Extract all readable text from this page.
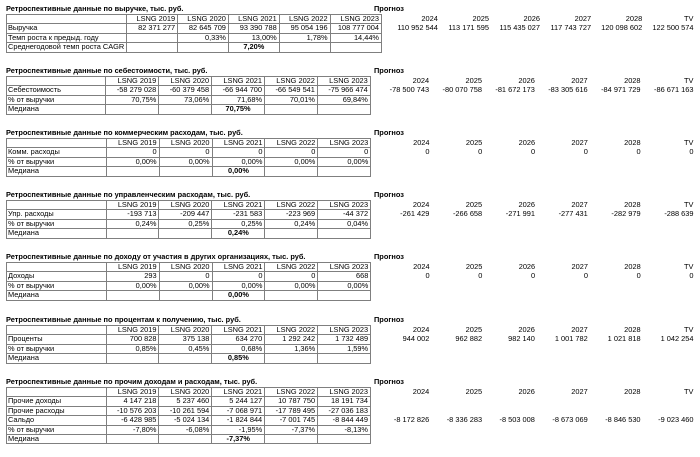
Ретроспективные данные по выручке, тыс. руб.	Прогноз
	LSNG 2019	LSNG 2020	LSNG 2021	LSNG 2022	LSNG 2023		2024	2025	2026	2027	2028	TV
Выручка	82 371 277	82 645 709	93 390 788	95 054 196	108 777 004		110 952 544	113 171 595	115 435 027	117 743 727	120 098 602	122 500 574
Темп роста к предыд. году		0,33%	13,00%	1,78%	14,44%							
Среднегодовой темп роста CAGR			7,20%									
Ретроспективные данные по себестоимости, тыс. руб.	Прогноз
	LSNG 2019	LSNG 2020	LSNG 2021	LSNG 2022	LSNG 2023		2024	2025	2026	2027	2028	TV
Себестоимость	-58 279 028	-60 379 458	-66 944 700	-66 549 541	-75 966 474		-78 500 743	-80 070 758	-81 672 173	-83 305 616	-84 971 729	-86 671 163
% от выручки	70,75%	73,06%	71,68%	70,01%	69,84%							
Медиана			70,75%									
Ретроспективные данные по коммерческим расходам, тыс. руб.	Прогноз
	LSNG 2019	LSNG 2020	LSNG 2021	LSNG 2022	LSNG 2023		2024	2025	2026	2027	2028	TV
Комм. расходы	0	0	0	0	0		0	0	0	0	0	0
% от выручки	0,00%	0,00%	0,00%	0,00%	0,00%							
Медиана			0,00%									
Ретроспективные данные по управленческим расходам, тыс. руб.	Прогноз
	LSNG 2019	LSNG 2020	LSNG 2021	LSNG 2022	LSNG 2023		2024	2025	2026	2027	2028	TV
Упр. расходы	-193 713	-209 447	-231 583	-223 969	-44 372		-261 429	-266 658	-271 991	-277 431	-282 979	-288 639
% от выручки	0,24%	0,25%	0,25%	0,24%	0,04%							
Медиана			0,24%									
Ретроспективные данные по доходу от участия в других организациях, тыс. руб.	Прогноз
	LSNG 2019	LSNG 2020	LSNG 2021	LSNG 2022	LSNG 2023		2024	2025	2026	2027	2028	TV
Доходы	293	0	0	0	668		0	0	0	0	0	0
% от выручки	0,00%	0,00%	0,00%	0,00%	0,00%							
Медиана			0,00%									
Ретроспективные данные по процентам к получению, тыс. руб.	Прогноз
	LSNG 2019	LSNG 2020	LSNG 2021	LSNG 2022	LSNG 2023		2024	2025	2026	2027	2028	TV
Проценты	700 828	375 138	634 270	1 292 242	1 732 489		944 002	962 882	982 140	1 001 782	1 021 818	1 042 254
% от выручки	0,85%	0,45%	0,68%	1,36%	1,59%							
Медиана			0,85%									
Ретроспективные данные по прочим доходам и расходам, тыс. руб.	Прогноз
	LSNG 2019	LSNG 2020	LSNG 2021	LSNG 2022	LSNG 2023		2024	2025	2026	2027	2028	TV
Прочие доходы	4 147 218	5 237 460	5 244 127	10 787 750	18 191 734							
Прочие расходы	-10 576 203	-10 261 594	-7 068 971	-17 789 495	-27 036 183							
Сальдо	-6 428 985	-5 024 134	-1 824 844	-7 001 745	-8 844 449		-8 172 826	-8 336 283	-8 503 008	-8 673 069	-8 846 530	-9 023 460
% от выручки	-7,80%	-6,08%	-1,95%	-7,37%	-8,13%							
Медиана			-7,37%									
